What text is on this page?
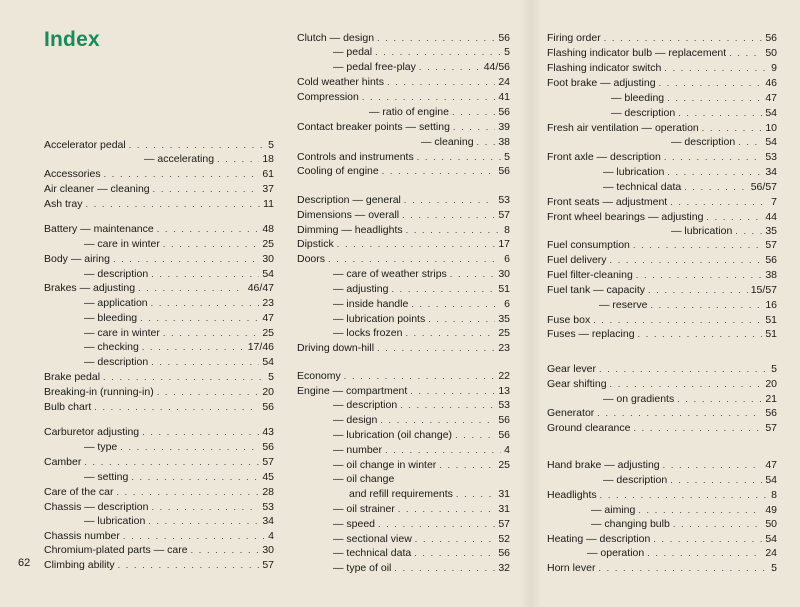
Index
Accelerator pedal . . .	5
— accelerating . . .	18
Accessories . . .	61
Air cleaner — cleaning . . .	37
Ash tray . . .	11
Battery — maintenance . . .	48
— care in winter . . .	25
Body — airing . . .	30
— description . . .	54
Brakes — adjusting . . .	46/47
— application . . .	23
— bleeding . . .	47
— care in winter . . .	25
— checking . . .	17/46
— description . . .	54
Brake pedal . . .	5
Breaking-in (running-in) . . .	20
Bulb chart . . .	56
Carburetor adjusting . . .	43
— type . . .	56
Camber . . .	57
— setting . . .	45
Care of the car . . .	28
Chassis — description . . .	53
— lubrication . . .	34
Chassis number . . .	4
Chromium-plated parts — care . . .	30
Climbing ability . . .	57
Clutch — design . . .	56
— pedal . . .	5
— pedal free-play . . .	44/56
Cold weather hints . . .	24
Compression . . .	41
— ratio of engine . . .	56
Contact breaker points — setting . . .	39
— cleaning . . . 38
Controls and instruments . . .	5
Cooling of engine . . .	56
Description — general . . .	53
Dimensions — overall . . .	57
Dimming — headlights . . .	8
Dipstick . . .	17
Doors . . .	6
— care of weather strips . . .	30
— adjusting . . .	51
— inside handle . . .	6
— lubrication points . . .	35
— locks frozen . . .	25
Driving down-hill . . .	23
Economy . . .	22
Engine — compartment . . .	13
— description . . .	53
— design . . .	56
— lubrication (oil change) . . .	56
— number . . .	4
— oil change in winter . . .	25
— oil change
and refill requirements . . .	31
— oil strainer . . .	31
— speed . . .	57
— sectional view . . .	52
— technical data . . .	56
— type of oil . . .	32
Firing order . . .	56
Flashing indicator bulb — replacement . . .	50
Flashing indicator switch . . .	9
Foot brake — adjusting . . .	46
— bleeding . . .	47
— description . . .	54
Fresh air ventilation — operation . . .	10
— description . . .	54
Front axle — description . . .	53
— lubrication . . .	34
— technical data . . .	56/57
Front seats — adjustment . . .	7
Front wheel bearings — adjusting . . .	44
— lubrication . . .	35
Fuel consumption . . .	57
Fuel delivery . . .	56
Fuel filter-cleaning . . .	38
Fuel tank — capacity . . .	15/57
— reserve . . .	16
Fuse box . . .	51
Fuses — replacing . . .	51
Gear lever . . .	5
Gear shifting . . .	20
— on gradients . . .	21
Generator . . .	56
Ground clearance . . .	57
Hand brake — adjusting . . .	47
— description . . .	54
Headlights . . .	8
— aiming . . .	49
— changing bulb . . .	50
Heating — description . . .	54
— operation . . .	24
Horn lever . . .	5
62
